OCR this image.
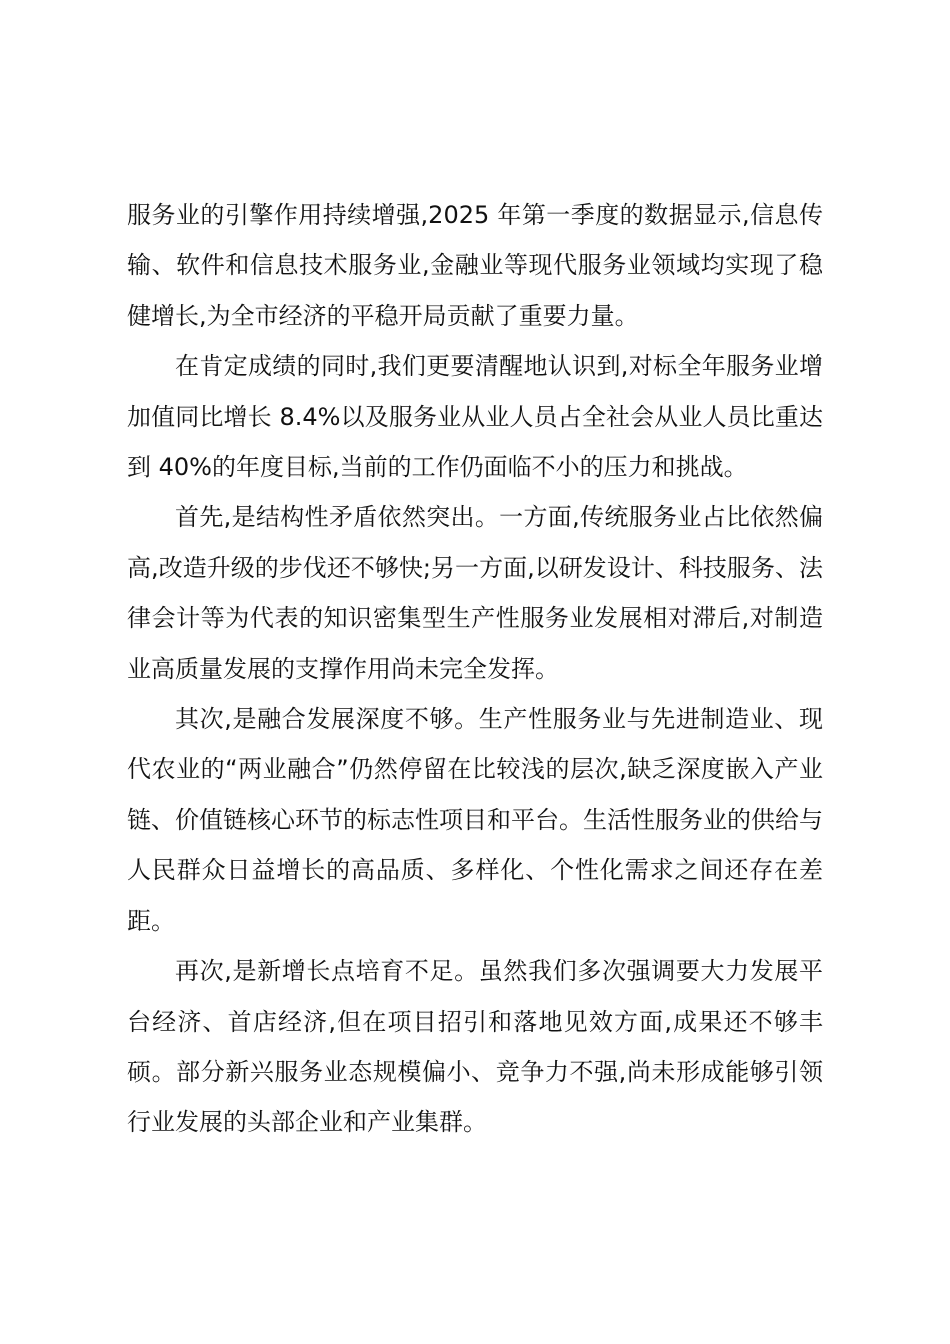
服务业的引擎作用持续增强,2025 年第一季度的数据显示,信息传输、软件和信息技术服务业,金融业等现代服务业领域均实现了稳健增长,为全市经济的平稳开局贡献了重要力量。

在肯定成绩的同时,我们更要清醒地认识到,对标全年服务业增加值同比增长 8.4%以及服务业从业人员占全社会从业人员比重达到 40%的年度目标,当前的工作仍面临不小的压力和挑战。

首先,是结构性矛盾依然突出。一方面,传统服务业占比依然偏高,改造升级的步伐还不够快;另一方面,以研发设计、科技服务、法律会计等为代表的知识密集型生产性服务业发展相对滞后,对制造业高质量发展的支撑作用尚未完全发挥。

其次,是融合发展深度不够。生产性服务业与先进制造业、现代农业的“两业融合”仍然停留在比较浅的层次,缺乏深度嵌入产业链、价值链核心环节的标志性项目和平台。生活性服务业的供给与人民群众日益增长的高品质、多样化、个性化需求之间还存在差距。

再次,是新增长点培育不足。虽然我们多次强调要大力发展平台经济、首店经济,但在项目招引和落地见效方面,成果还不够丰硕。部分新兴服务业态规模偏小、竞争力不强,尚未形成能够引领行业发展的头部企业和产业集群。
